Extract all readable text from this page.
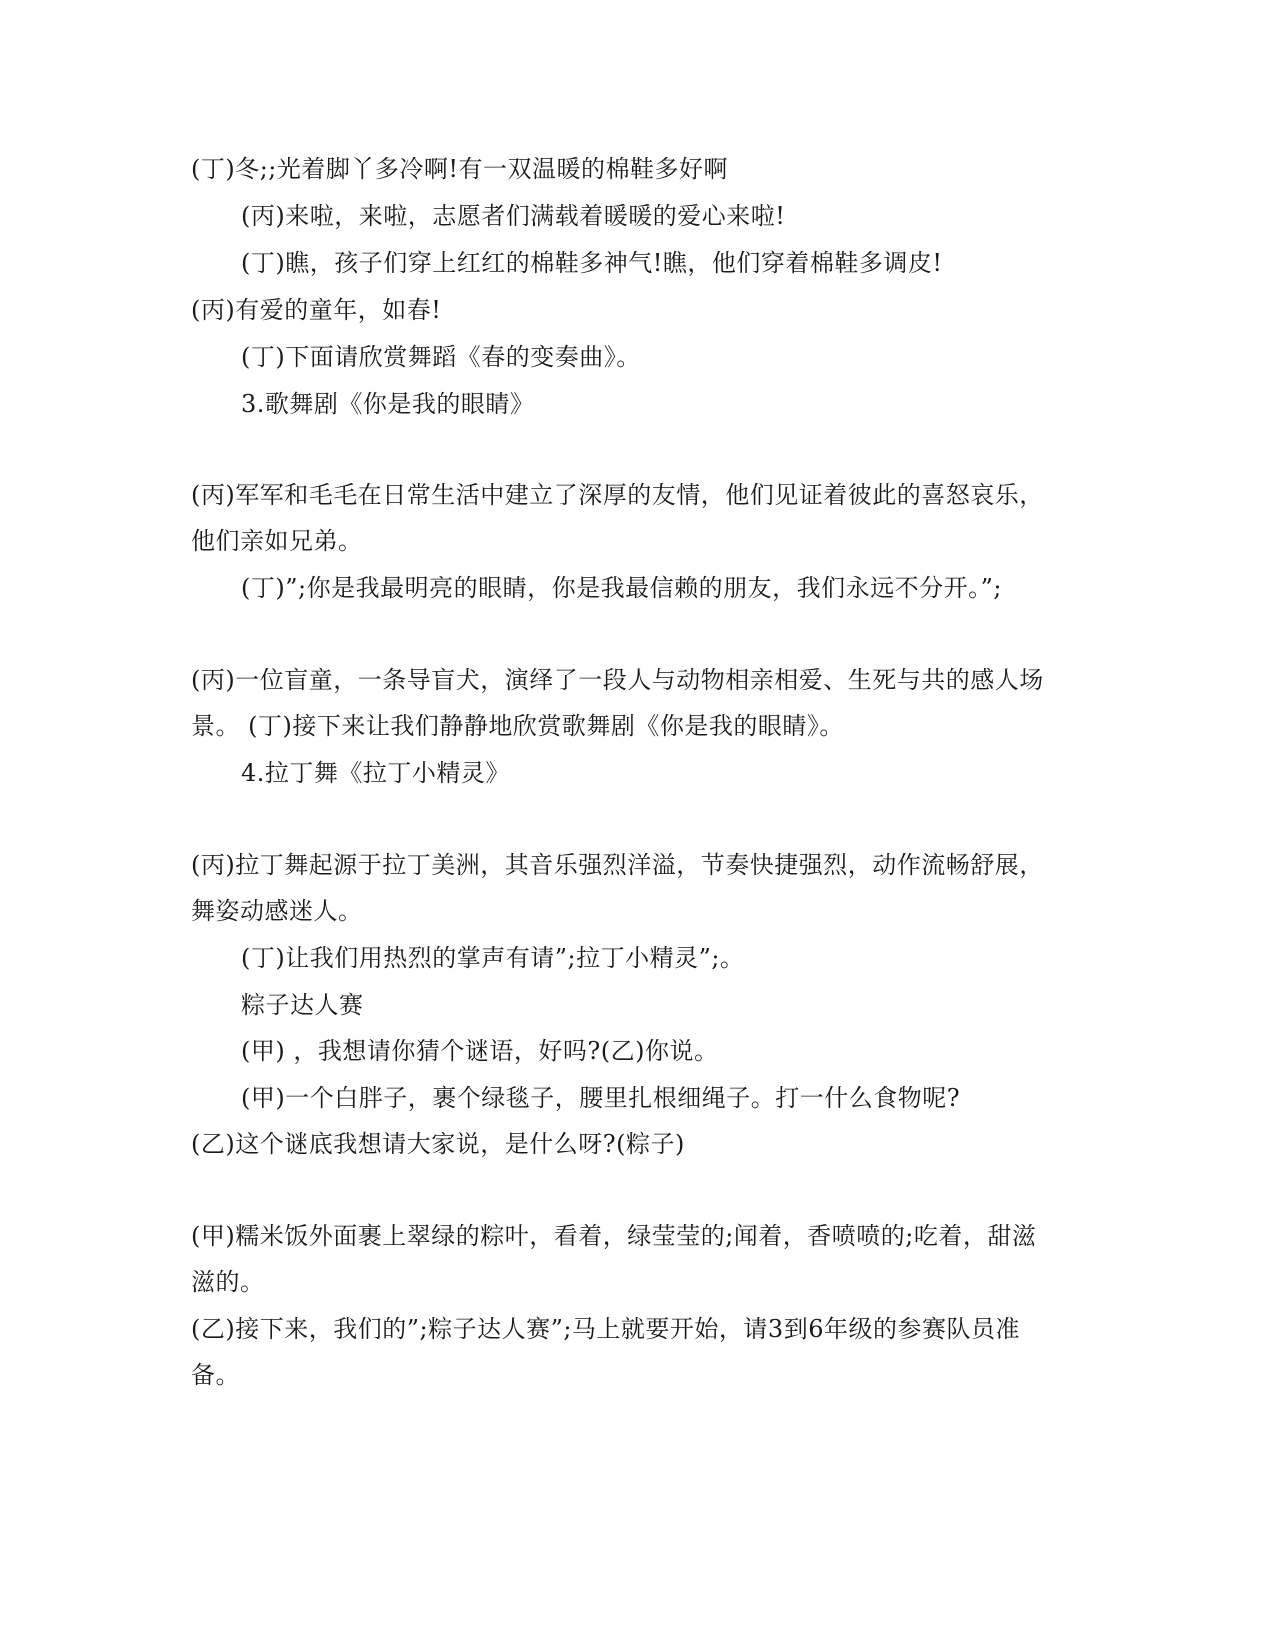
(丁)冬;;光着脚丫多冷啊!有一双温暖的棉鞋多好啊
(丙)来啦，来啦，志愿者们满载着暖暖的爱心来啦!
(丁)瞧，孩子们穿上红红的棉鞋多神气!瞧，他们穿着棉鞋多调皮!
(丙)有爱的童年，如春!
(丁)下面请欣赏舞蹈《春的变奏曲》。
3.歌舞剧《你是我的眼睛》
(丙)军军和毛毛在日常生活中建立了深厚的友情，他们见证着彼此的喜怒哀乐，
他们亲如兄弟。
(丁)”;你是我最明亮的眼睛，你是我最信赖的朋友，我们永远不分开。”;
(丙)一位盲童，一条导盲犬，演绎了一段人与动物相亲相爱、生死与共的感人场
景。 (丁)接下来让我们静静地欣赏歌舞剧《你是我的眼睛》。
4.拉丁舞《拉丁小精灵》
(丙)拉丁舞起源于拉丁美洲，其音乐强烈洋溢，节奏快捷强烈，动作流畅舒展，
舞姿动感迷人。
(丁)让我们用热烈的掌声有请”;拉丁小精灵”;。
粽子达人赛
(甲) ，我想请你猜个谜语，好吗?(乙)你说。
(甲)一个白胖子，裹个绿毯子，腰里扎根细绳子。打一什么食物呢?
(乙)这个谜底我想请大家说，是什么呀?(粽子)
(甲)糯米饭外面裹上翠绿的粽叶，看着，绿莹莹的;闻着，香喷喷的;吃着，甜滋
滋的。
(乙)接下来，我们的”;粽子达人赛”;马上就要开始，请3到6年级的参赛队员准
备。
